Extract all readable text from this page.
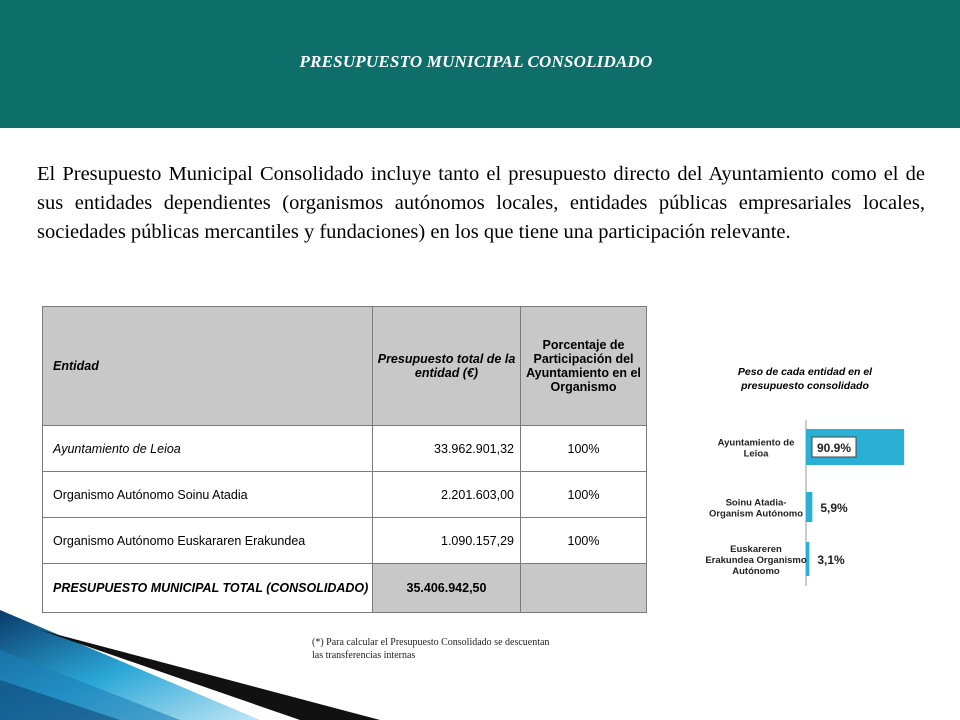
PRESUPUESTO MUNICIPAL CONSOLIDADO
El Presupuesto Municipal Consolidado incluye tanto el presupuesto directo del Ayuntamiento como el de sus entidades dependientes (organismos autónomos locales, entidades públicas empresariales locales, sociedades públicas mercantiles y fundaciones) en los que tiene una participación relevante.
Entidad	Presupuesto total de la entidad (€)	Porcentaje de Participación del Ayuntamiento en el Organismo
Ayuntamiento de Leioa	33.962.901,32	100%
Organismo Autónomo Soinu Atadia	2.201.603,00	100%
Organismo Autónomo Euskararen Erakundea	1.090.157,29	100%
PRESUPUESTO MUNICIPAL TOTAL (CONSOLIDADO)	35.406.942,50	
(*) Para calcular el Presupuesto Consolidado se descuentan las transferencias internas
Peso de cada entidad en el
presupuesto consolidado
Ayuntamiento de
Leioa	90.9%
Soinu Atadia-
Organism Autónomo 5,9%
Euskareren
Erakundea Organismo
Autónomo
3,1%
